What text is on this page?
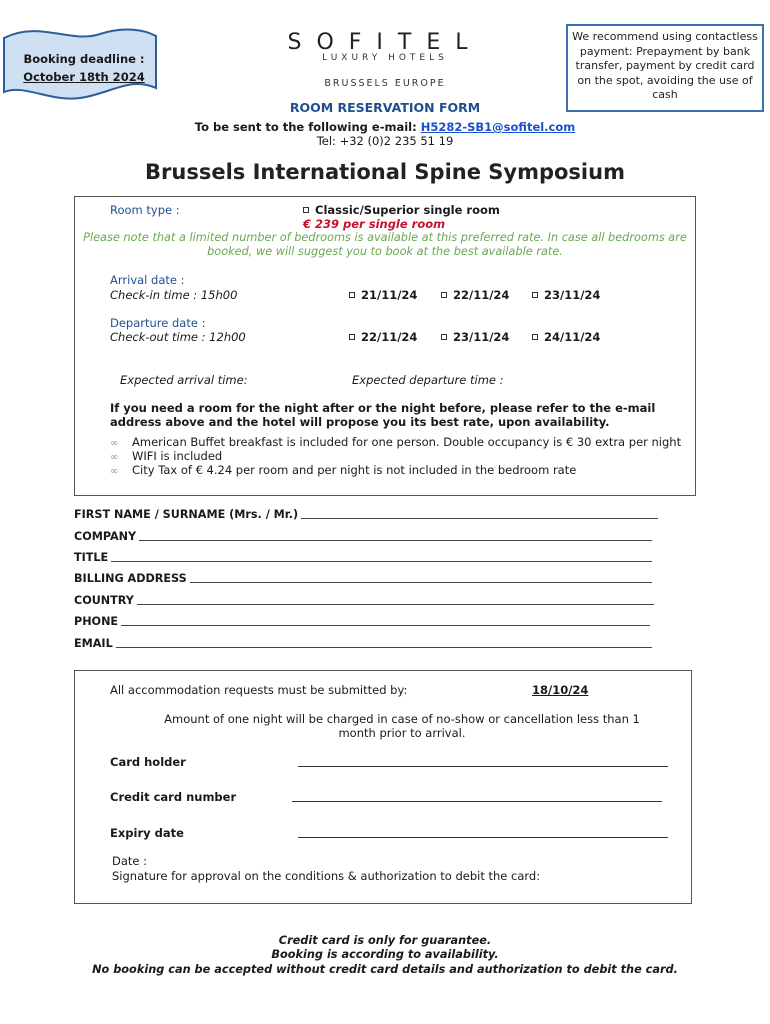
Booking deadline :
October 18th 2024
SOFITEL
LUXURY HOTELS
BRUSSELS EUROPE
We recommend using contactless payment: Prepayment by bank transfer, payment by credit card on the spot, avoiding the use of cash
ROOM RESERVATION FORM
To be sent to the following e-mail: H5282-SB1@sofitel.com
Tel: +32 (0)2 235 51 19
Brussels International Spine Symposium
Room type :	Classic/Superior single room
€ 239 per single room
Please note that a limited number of bedrooms is available at this preferred rate. In case all bedrooms are booked, we will suggest you to book at the best available rate.
Arrival date :
Check-in time : 15h00	21/11/24	22/11/24	23/11/24
Departure date :
Check-out time : 12h00	22/11/24	23/11/24	24/11/24
Expected arrival time:	Expected departure time :
If you need a room for the night after or the night before, please refer to the e-mail address above and the hotel will propose you its best rate, upon availability.
∞ American Buffet breakfast is included for one person. Double occupancy is € 30 extra per night
∞ WIFI is included
∞ City Tax of € 4.24 per room and per night is not included in the bedroom rate
FIRST NAME / SURNAME (Mrs. / Mr.)
COMPANY
TITLE
BILLING ADDRESS
COUNTRY
PHONE
EMAIL
All accommodation requests must be submitted by:	18/10/24
Amount of one night will be charged in case of no-show or cancellation less than 1 month prior to arrival.
Card holder
Credit card number
Expiry date
Date :
Signature for approval on the conditions & authorization to debit the card:
Credit card is only for guarantee.
Booking is according to availability.
No booking can be accepted without credit card details and authorization to debit the card.
